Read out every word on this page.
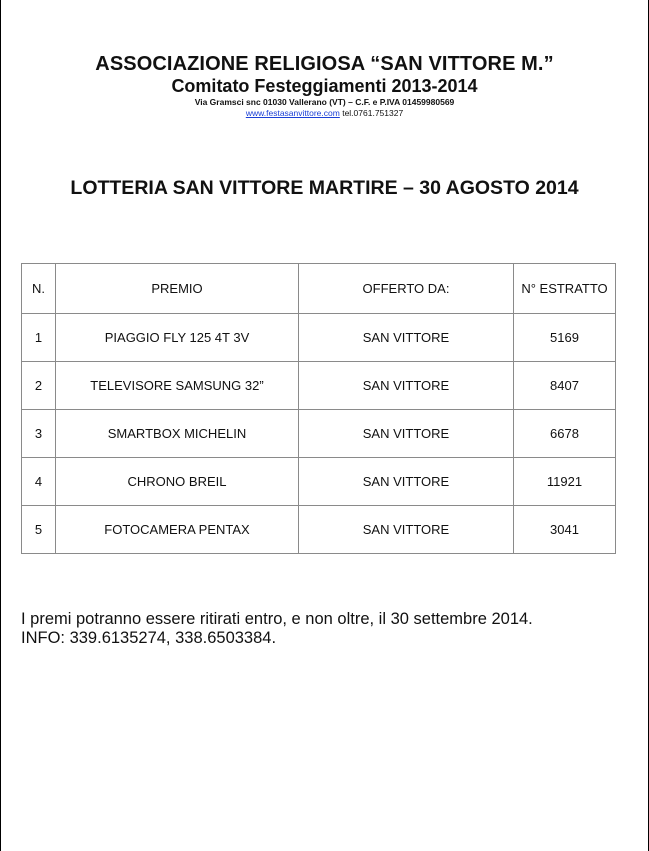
ASSOCIAZIONE RELIGIOSA “SAN VITTORE M.”
Comitato Festeggiamenti 2013-2014
Via Gramsci snc 01030 Vallerano (VT) – C.F. e P.IVA 01459980569
www.festasanvittore.com tel.0761.751327
LOTTERIA SAN VITTORE MARTIRE – 30 AGOSTO 2014
N.	PREMIO	OFFERTO DA:	N° ESTRATTO
1	PIAGGIO FLY 125 4T 3V	SAN VITTORE	5169
2	TELEVISORE SAMSUNG 32”	SAN VITTORE	8407
3	SMARTBOX MICHELIN	SAN VITTORE	6678
4	CHRONO BREIL	SAN VITTORE	11921
5	FOTOCAMERA PENTAX	SAN VITTORE	3041
I premi potranno essere ritirati entro, e non oltre, il 30 settembre 2014.
INFO: 339.6135274, 338.6503384.
